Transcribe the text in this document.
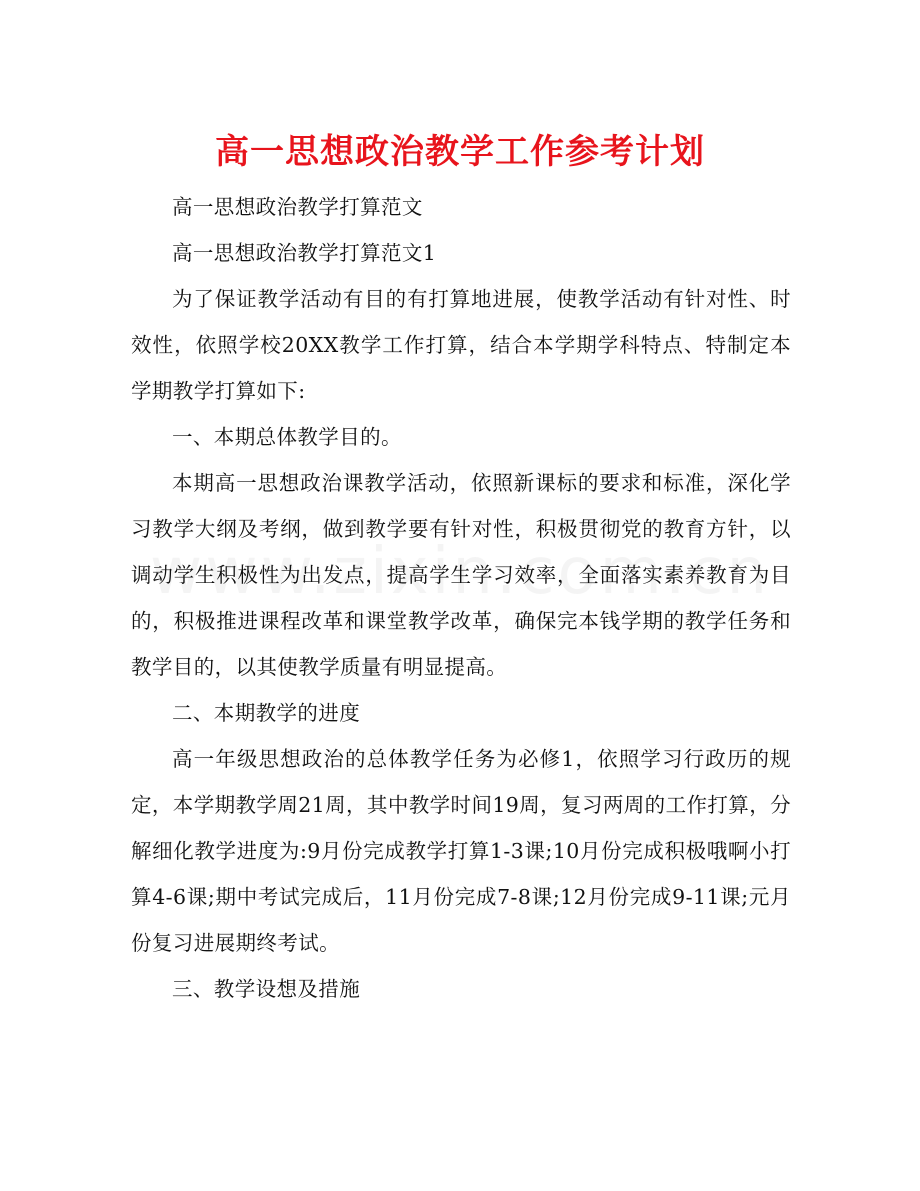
高一思想政治教学工作参考计划

高一思想政治教学打算范文

高一思想政治教学打算范文1

为了保证教学活动有目的有打算地进展，使教学活动有针对性、时效性，依照学校20XX教学工作打算，结合本学期学科特点、特制定本学期教学打算如下:

一、本期总体教学目的。

本期高一思想政治课教学活动，依照新课标的要求和标准，深化学习教学大纲及考纲，做到教学要有针对性，积极贯彻党的教育方针，以调动学生积极性为出发点，提高学生学习效率，全面落实素养教育为目的，积极推进课程改革和课堂教学改革，确保完本钱学期的教学任务和教学目的，以其使教学质量有明显提高。

二、本期教学的进度

高一年级思想政治的总体教学任务为必修1，依照学习行政历的规定，本学期教学周21周，其中教学时间19周，复习两周的工作打算，分解细化教学进度为:9月份完成教学打算1-3课;10月份完成积极哦啊小打算4-6课;期中考试完成后，11月份完成7-8课;12月份完成9-11课;元月份复习进展期终考试。

三、教学设想及措施
